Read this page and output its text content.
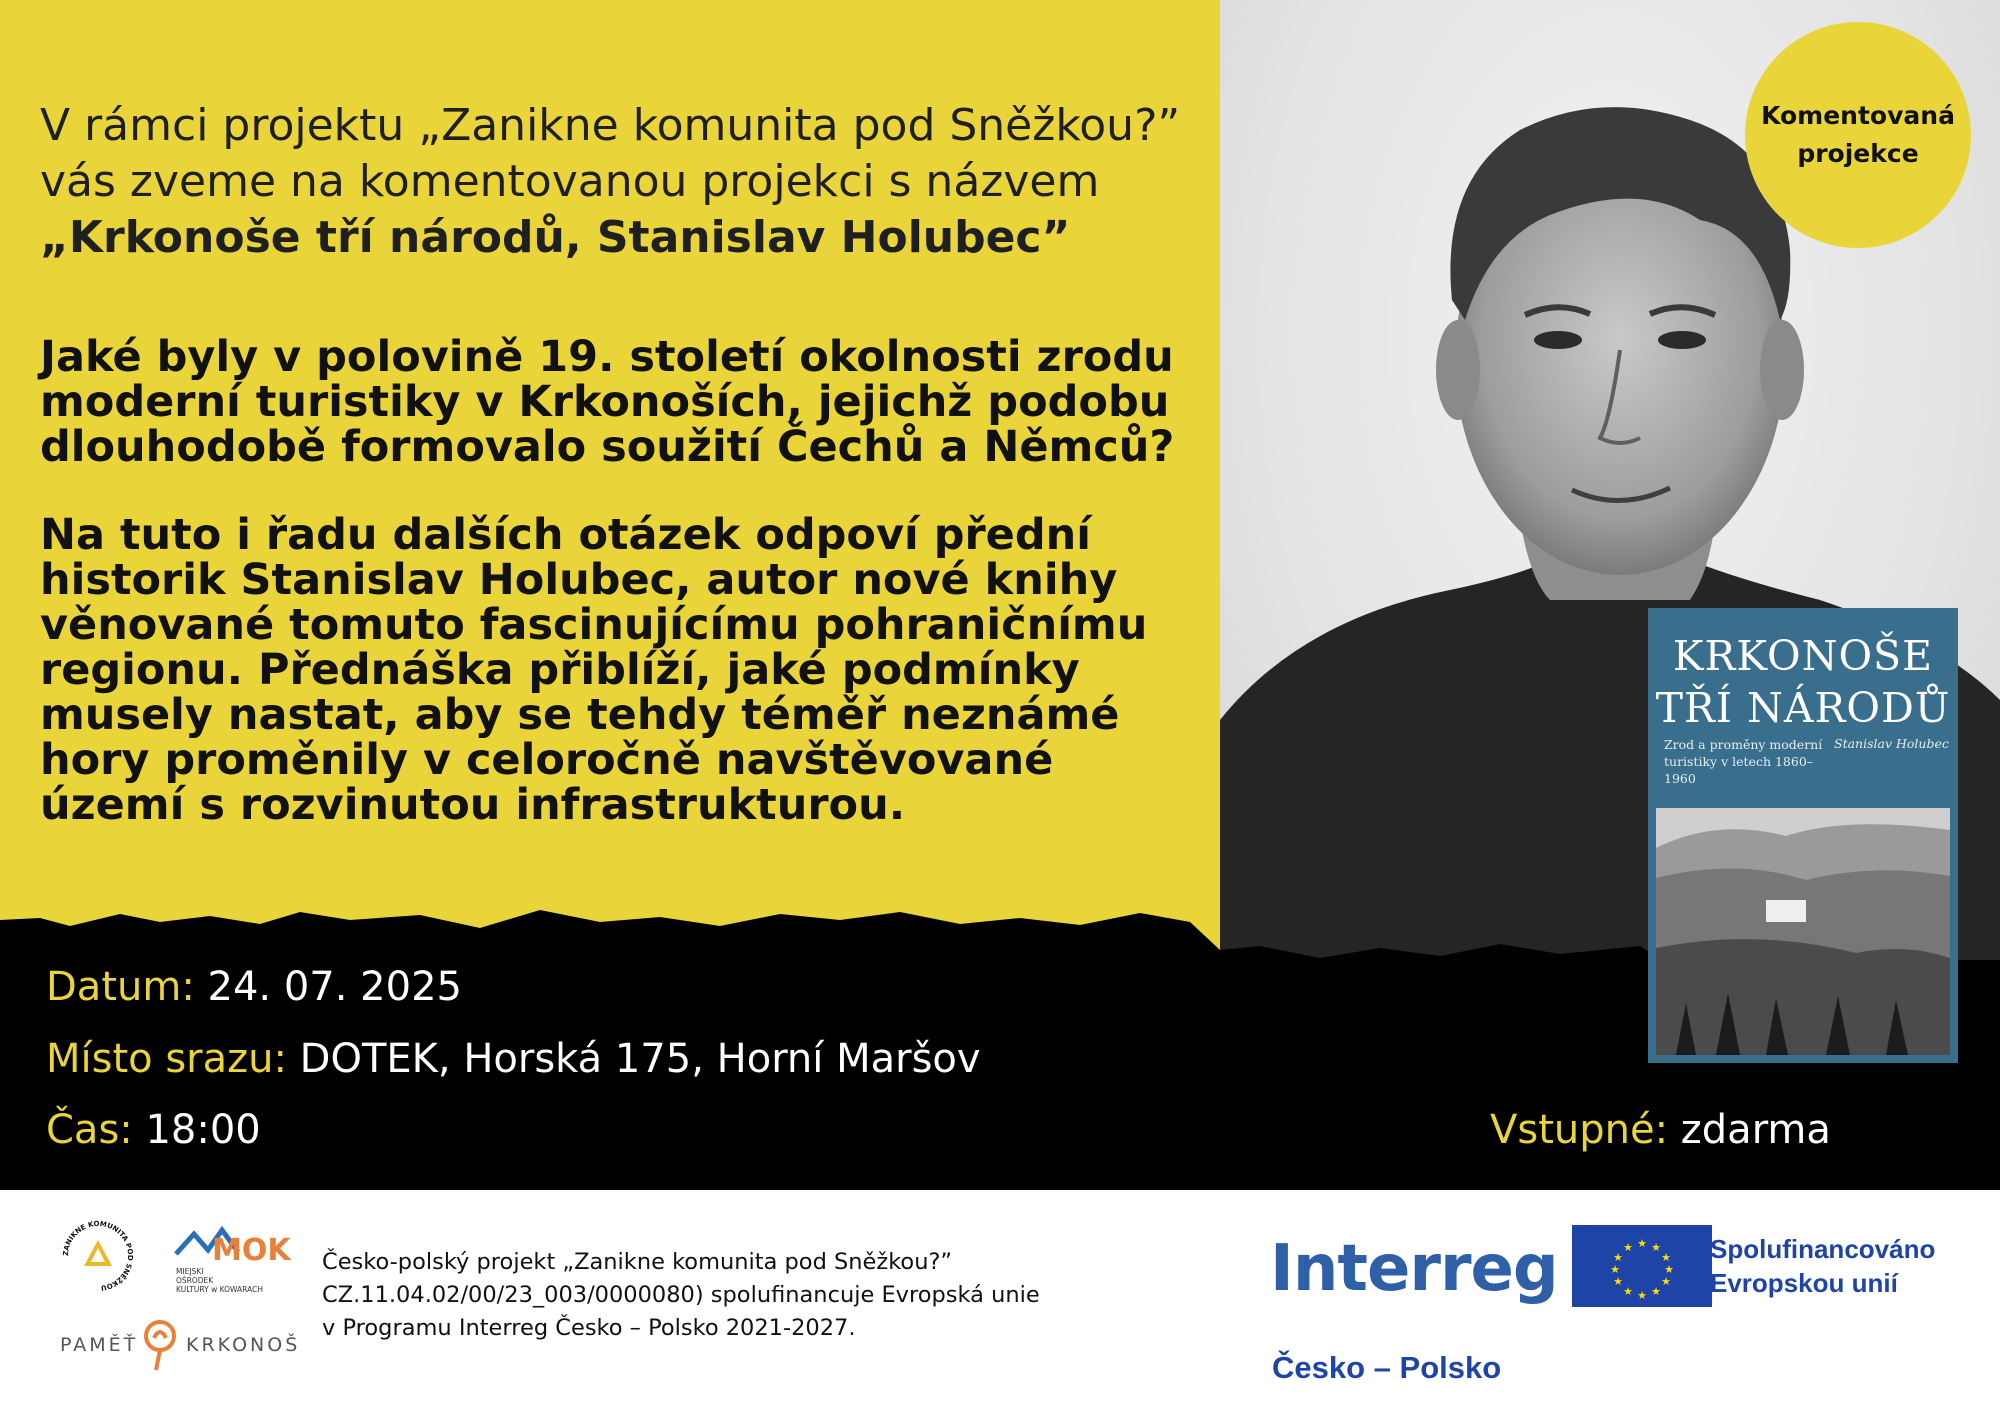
V rámci projektu „Zanikne komunita pod Sněžkou?”
vás zveme na komentovanou projekci s názvem
„Krkonoše tří národů, Stanislav Holubec”
Jaké byly v polovině 19. století okolnosti zrodu moderní turistiky v Krkonoších, jejichž podobu dlouhodobě formovalo soužití Čechů a Němců?
Na tuto i řadu dalších otázek odpoví přední historik Stanislav Holubec, autor nové knihy věnované tomuto fascinujícímu pohraničnímu regionu. Přednáška přiblíží, jaké podmínky musely nastat, aby se tehdy téměř neznámé hory proměnily v celoročně navštěvované území s rozvinutou infrastrukturou.
Komentovaná projekce
Datum: 24. 07. 2025
Místo srazu: DOTEK, Horská 175, Horní Maršov
Čas: 18:00	Vstupné: zdarma
KRKONOŠE
TŘÍ NÁRODŮ
Zrod a proměny moderní turistiky v letech 1860–1960
Stanislav Holubec
ZANIKNE KOMUNITA POD SNĚŽKOU
MOK
MIEJSKI
OŚRODEK
KULTURY w KOWARACH
PAMĚŤ	KRKONOŠ
Česko-polský projekt „Zanikne komunita pod Sněžkou?”
CZ.11.04.02/00/23_003/0000080) spolufinancuje Evropská unie
v Programu Interreg Česko – Polsko 2021-2027.
Interreg	★ ★
★
★
★
★
★
★
★
★
★
★	Spolufinancováno
Evropskou unií
Česko – Polsko
